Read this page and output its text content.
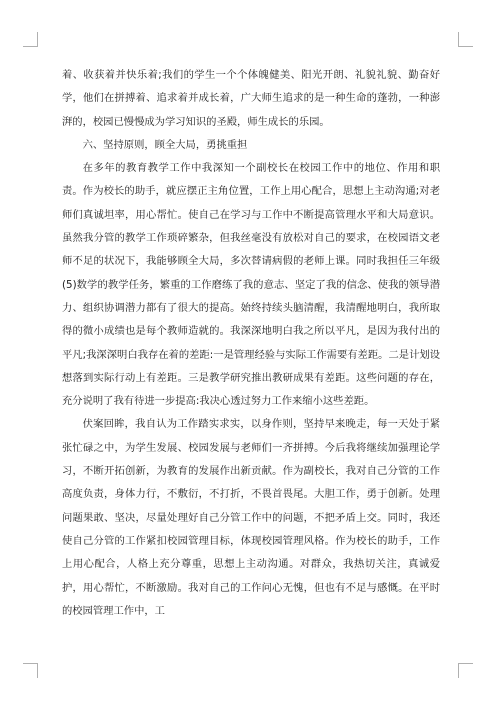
着、收获着并快乐着;我们的学生一个个体魄健美、阳光开朗、礼貌礼貌、勤奋好学，他们在拼搏着、追求着并成长着，广大师生追求的是一种生命的蓬勃，一种澎湃的，校园已慢慢成为学习知识的圣殿，师生成长的乐园。

六、坚持原则，顾全大局，勇挑重担

在多年的教育教学工作中我深知一个副校长在校园工作中的地位、作用和职责。作为校长的助手，就应摆正主角位置，工作上用心配合，思想上主动沟通;对老师们真诚坦率，用心帮忙。使自己在学习与工作中不断提高管理水平和大局意识。虽然我分管的教学工作琐碎繁杂，但我丝毫没有放松对自己的要求，在校园语文老师不足的状况下，我能够顾全大局，多次替请病假的老师上课。同时我担任三年级(5)数学的教学任务，繁重的工作磨练了我的意志、坚定了我的信念、使我的领导潜力、组织协调潜力都有了很大的提高。始终持续头脑清醒，我清醒地明白，我所取得的微小成绩也是每个教师造就的。我深深地明白我之所以平凡，是因为我付出的平凡;我深深明白我存在着的差距:一是管理经验与实际工作需要有差距。二是计划设想落到实际行动上有差距。三是教学研究推出教研成果有差距。这些问题的存在，充分说明了我有待进一步提高:我决心透过努力工作来缩小这些差距。

伏案回眸，我自认为工作踏实求实，以身作则，坚持早来晚走，每一天处于紧张忙碌之中，为学生发展、校园发展与老师们一齐拼搏。今后我将继续加强理论学习，不断开拓创新，为教育的发展作出新贡献。作为副校长，我对自己分管的工作高度负责，身体力行，不敷衍，不打折，不畏首畏尾。大胆工作，勇于创新。处理问题果敢、坚决，尽量处理好自己分管工作中的问题，不把矛盾上交。同时，我还使自己分管的工作紧扣校园管理目标，体现校园管理风格。作为校长的助手，工作上用心配合，人格上充分尊重，思想上主动沟通。对群众，我热切关注，真诚爱护，用心帮忙，不断激励。我对自己的工作问心无愧，但也有不足与感慨。在平时的校园管理工作中，工
